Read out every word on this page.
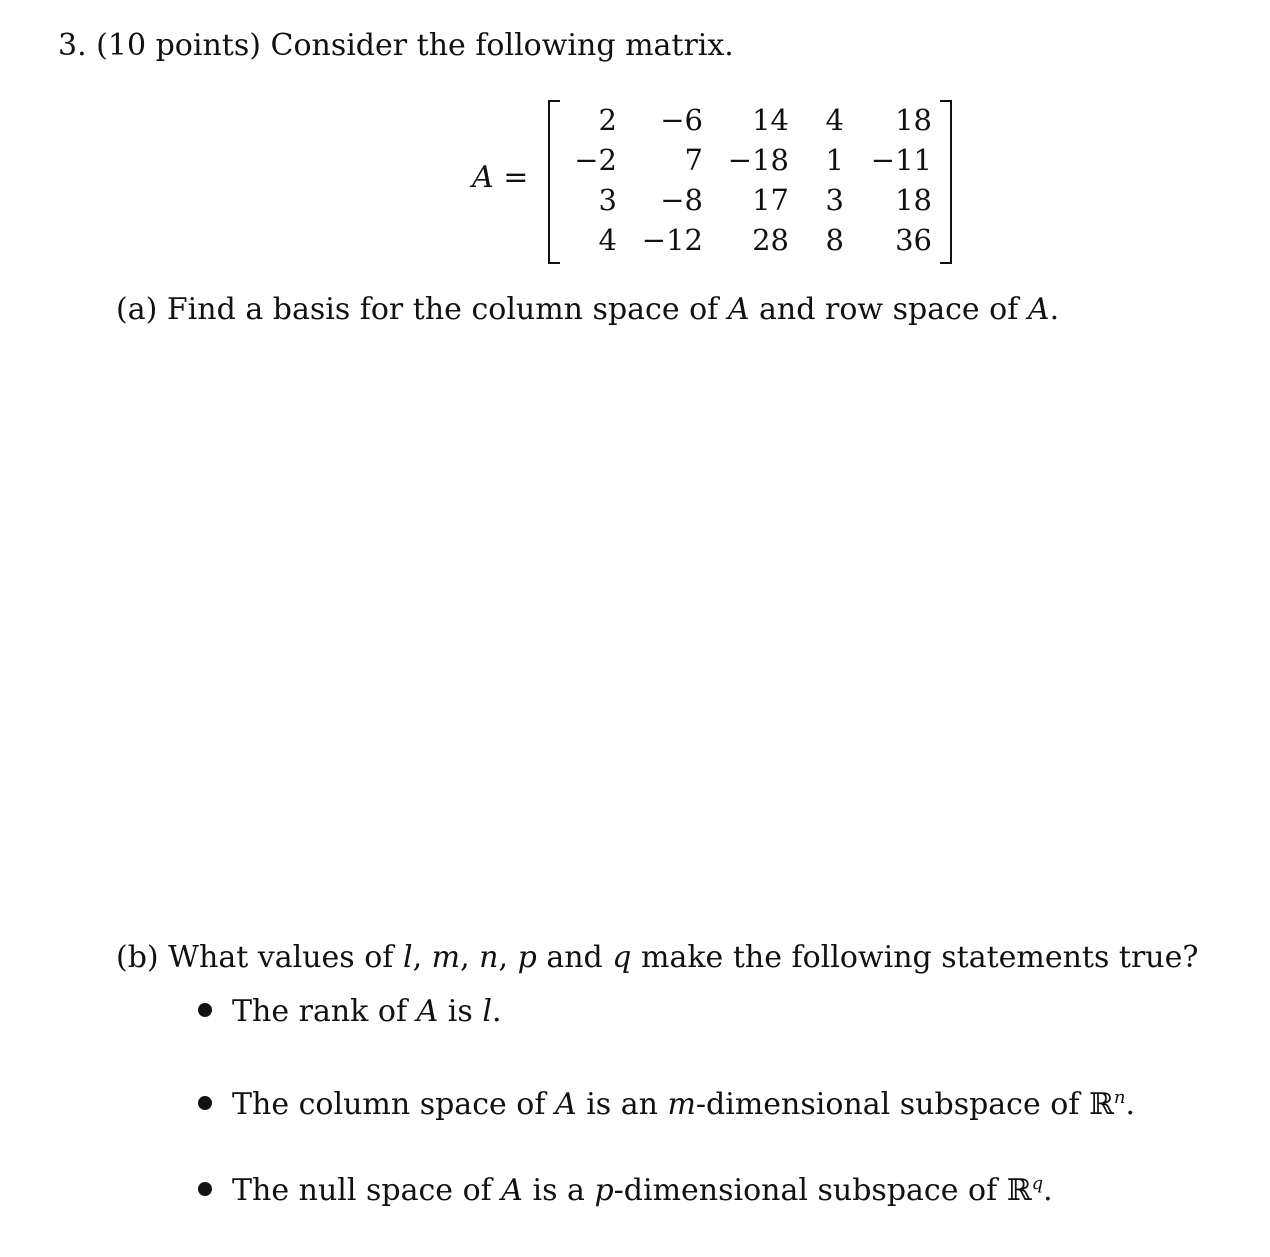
3. (10 points) Consider the following matrix.
A =
2	−6	14	4	18
−2	7	−18	1	−11
3	−8	17	3	18
4	−12	28	8	36
(a) Find a basis for the column space of A and row space of A.
(b) What values of l, m, n, p and q make the following statements true?
The rank of A is l.
The column space of A is an m-dimensional subspace of ℝ$^n$.
The null space of A is a p-dimensional subspace of ℝ$^q$.
